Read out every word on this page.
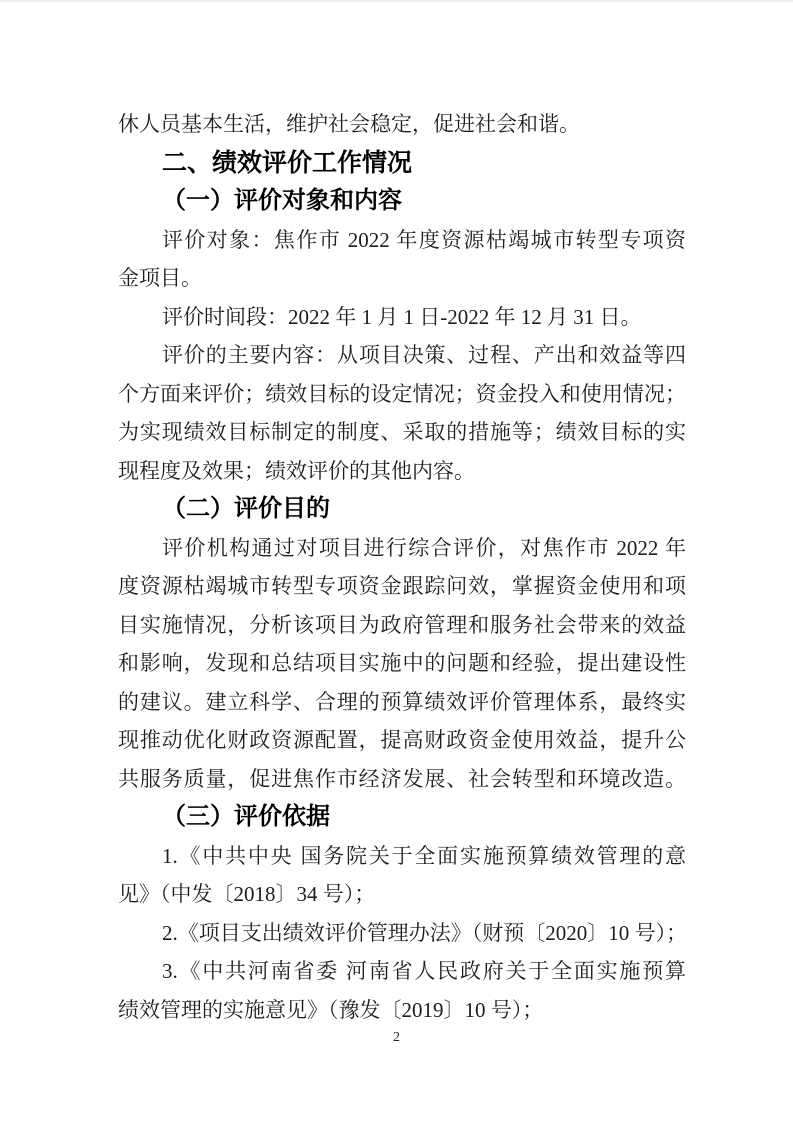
休人员基本生活，维护社会稳定，促进社会和谐。
二、绩效评价工作情况
（一）评价对象和内容
评价对象：焦作市 2022 年度资源枯竭城市转型专项资
金项目。
评价时间段：2022 年 1 月 1 日-2022 年 12 月 31 日。
评价的主要内容：从项目决策、过程、产出和效益等四
个方面来评价；绩效目标的设定情况；资金投入和使用情况；
为实现绩效目标制定的制度、采取的措施等；绩效目标的实
现程度及效果；绩效评价的其他内容。
（二）评价目的
评价机构通过对项目进行综合评价，对焦作市 2022 年
度资源枯竭城市转型专项资金跟踪问效，掌握资金使用和项
目实施情况，分析该项目为政府管理和服务社会带来的效益
和影响，发现和总结项目实施中的问题和经验，提出建设性
的建议。建立科学、合理的预算绩效评价管理体系，最终实
现推动优化财政资源配置，提高财政资金使用效益，提升公
共服务质量，促进焦作市经济发展、社会转型和环境改造。
（三）评价依据
1.《中共中央 国务院关于全面实施预算绩效管理的意
见》（中发〔2018〕34 号）；
2.《项目支出绩效评价管理办法》（财预〔2020〕10 号）；
3.《中共河南省委 河南省人民政府关于全面实施预算
绩效管理的实施意见》（豫发〔2019〕10 号）；
2
